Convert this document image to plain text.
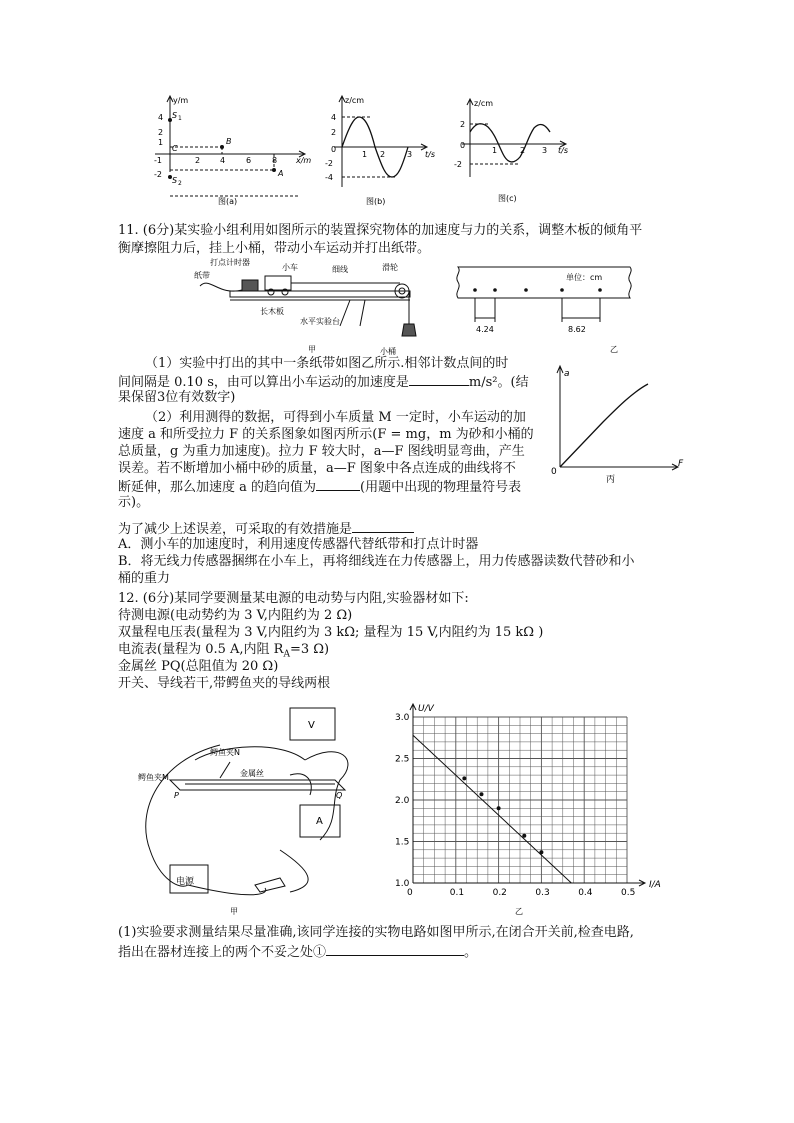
y/m
4
2
1
-1
-2
S 1
S 2
C
B
A
2 4	6	8 x/m
图(a)
z/cm
4
2
0
-2
-4
1 2	3 t/s
图(b)
z/cm
2
0
-2
1	2 3 t/s
图(c)
11. (6分)某实验小组利用如图所示的装置探究物体的加速度与力的关系，调整木板的倾角平
衡摩擦阻力后，挂上小桶，带动小车运动并打出纸带。
打点计时器
小车
纸带
细线	滑轮
长木板
水平实验台
小桶
甲
单位：cm
4.24	8.62
乙
（1）实验中打出的其中一条纸带如图乙所示.相邻计数点间的时
间间隔是 0.10 s，由可以算出小车运动的加速度是	m/s²。(结
果保留3位有效数字)
（2）利用测得的数据，可得到小车质量 M 一定时，小车运动的加
速度 a 和所受拉力 F 的关系图象如图丙所示(F = mg，m 为砂和小桶的
总质量，g 为重力加速度)。拉力 F 较大时，a—F 图线明显弯曲，产生
误差。若不断增加小桶中砂的质量，a—F 图象中各点连成的曲线将不
断延伸，那么加速度 a 的趋向值为	(用题中出现的物理量符号表
示)。
a
F
0
丙
为了减少上述误差，可采取的有效措施是
A．测小车的加速度时，利用速度传感器代替纸带和打点计时器
B．将无线力传感器捆绑在小车上，再将细线连在力传感器上，用力传感器读数代替砂和小
桶的重力
12. (6分)某同学要测量某电源的电动势与内阻,实验器材如下:
待测电源(电动势约为 3 V,内阻约为 2 Ω)
双量程电压表(量程为 3 V,内阻约为 3 kΩ; 量程为 15 V,内阻约为 15 kΩ )
电流表(量程为 0.5 A,内阻 $R_A=3$ Ω)
金属丝 PQ(总阻值为 20 Ω)
开关、导线若干,带鳄鱼夹的导线两根
鳄鱼夹N
鳄鱼夹M	金属丝
P	Q
V
A
电源
甲
3.0
2.5
2.0
1.5
1.0
0	0.1	0.2	0.3	0.4	0.5
U/V
I/A
乙
(1)实验要求测量结果尽量准确,该同学连接的实物电路如图甲所示,在闭合开关前,检查电路,
指出在器材连接上的两个不妥之处①	。
